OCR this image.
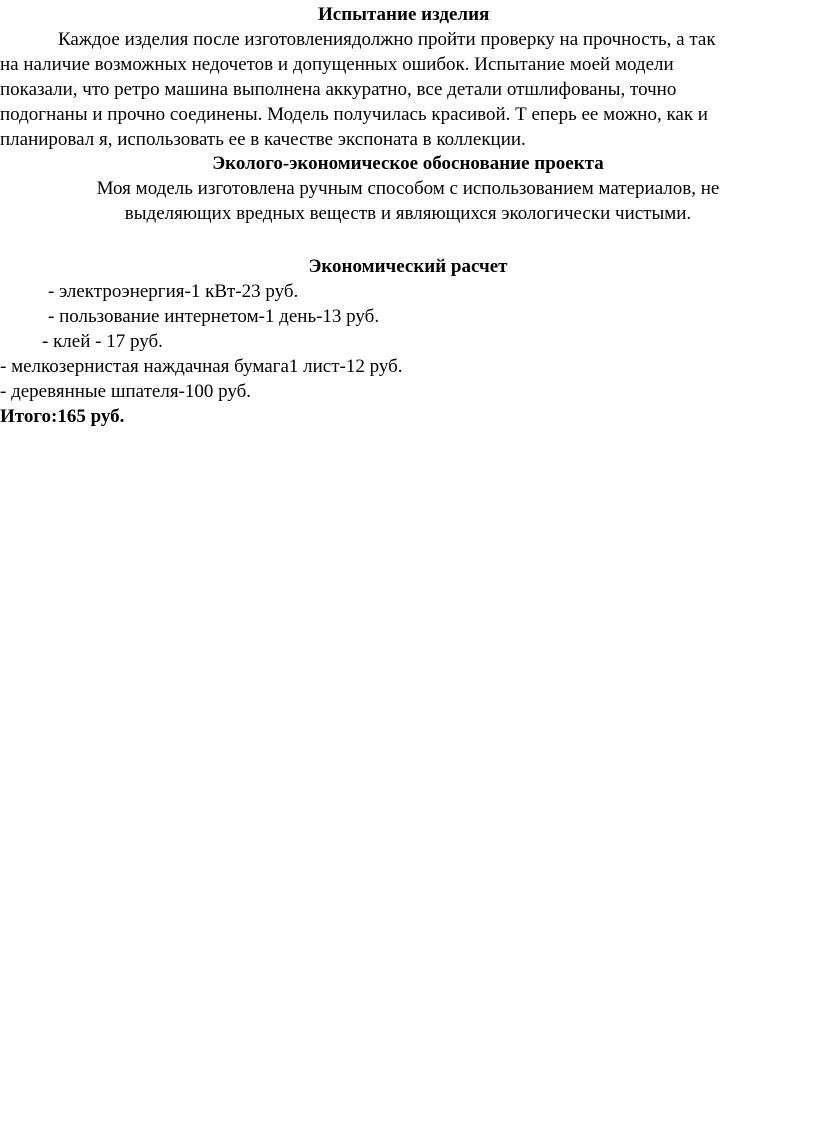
Испытание изделия
Каждое изделия после изготовлениядолжно пройти проверку на прочность, а так
на наличие возможных недочетов и допущенных ошибок. Испытание моей модели
показали, что ретро машина выполнена аккуратно, все детали отшлифованы, точно
подогнаны и прочно соединены. Модель получилась красивой. Т еперь ее можно, как и
планировал я, использовать ее в качестве экспоната в коллекции.
Эколого-экономическое обоснование проекта
Моя модель изготовлена ручным способом с использованием материалов, не
выделяющих вредных веществ и являющихся экологически чистыми.
Экономический расчет
- электроэнергия-1 кВт-23 руб.
- пользование интернетом-1 день-13 руб.
- клей - 17 руб.
- мелкозернистая наждачная бумага1 лист-12 руб.
- деревянные шпателя-100 руб.
Итого:165 руб.
